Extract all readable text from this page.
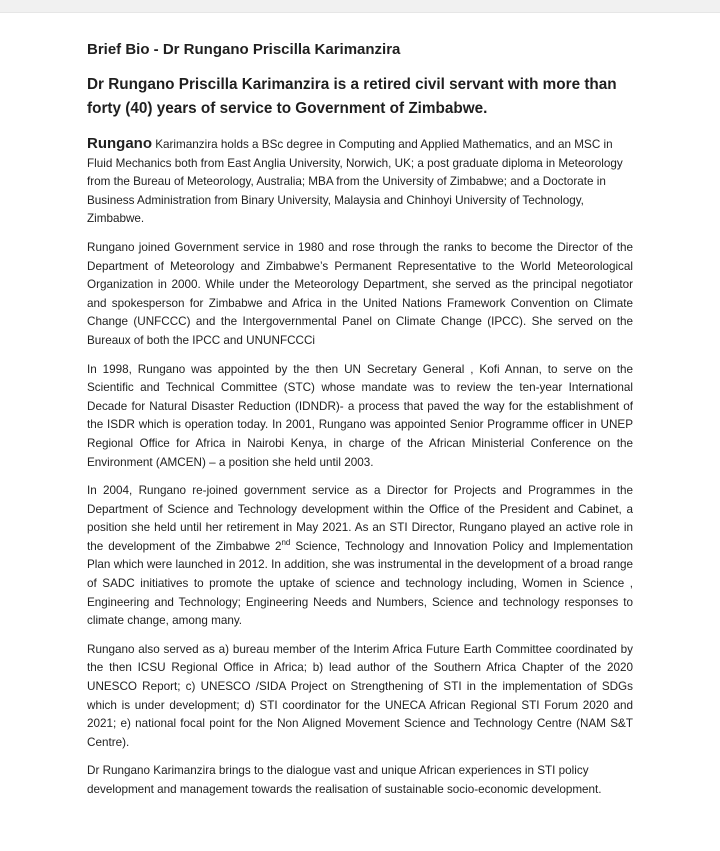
Brief Bio - Dr Rungano Priscilla Karimanzira
Dr Rungano Priscilla Karimanzira is a retired civil servant with more than forty (40) years of service to Government of Zimbabwe.

Rungano Karimanzira holds a BSc degree in Computing and Applied Mathematics, and an MSC in Fluid Mechanics both from East Anglia University, Norwich, UK; a post graduate diploma in Meteorology from the Bureau of Meteorology, Australia; MBA from the University of Zimbabwe; and a Doctorate in Business Administration from Binary University, Malaysia and Chinhoyi University of Technology, Zimbabwe.

Rungano joined Government service in 1980 and rose through the ranks to become the Director of the Department of Meteorology and Zimbabwe’s Permanent Representative to the World Meteorological Organization in 2000. While under the Meteorology Department, she served as the principal negotiator and spokesperson for Zimbabwe and Africa in the United Nations Framework Convention on Climate Change (UNFCCC) and the Intergovernmental Panel on Climate Change (IPCC). She served on the Bureaux of both the IPCC and UNUNFCCCi

In 1998, Rungano was appointed by the then UN Secretary General , Kofi Annan, to serve on the Scientific and Technical Committee (STC) whose mandate was to review the ten-year International Decade for Natural Disaster Reduction (IDNDR)- a process that paved the way for the establishment of the ISDR which is operation today. In 2001, Rungano was appointed Senior Programme officer in UNEP Regional Office for Africa in Nairobi Kenya, in charge of the African Ministerial Conference on the Environment (AMCEN) – a position she held until 2003.

In 2004, Rungano re-joined government service as a Director for Projects and Programmes in the Department of Science and Technology development within the Office of the President and Cabinet, a position she held until her retirement in May 2021. As an STI Director, Rungano played an active role in the development of the Zimbabwe 2nd Science, Technology and Innovation Policy and Implementation Plan which were launched in 2012. In addition, she was instrumental in the development of a broad range of SADC initiatives to promote the uptake of science and technology including, Women in Science , Engineering and Technology; Engineering Needs and Numbers, Science and technology responses to climate change, among many.

Rungano also served as a) bureau member of the Interim Africa Future Earth Committee coordinated by the then ICSU Regional Office in Africa; b) lead author of the Southern Africa Chapter of the 2020 UNESCO Report; c) UNESCO /SIDA Project on Strengthening of STI in the implementation of SDGs which is under development; d) STI coordinator for the UNECA African Regional STI Forum 2020 and 2021; e) national focal point for the Non Aligned Movement Science and Technology Centre (NAM S&T Centre).

Dr Rungano Karimanzira brings to the dialogue vast and unique African experiences in STI policy development and management towards the realisation of sustainable socio-economic development.
